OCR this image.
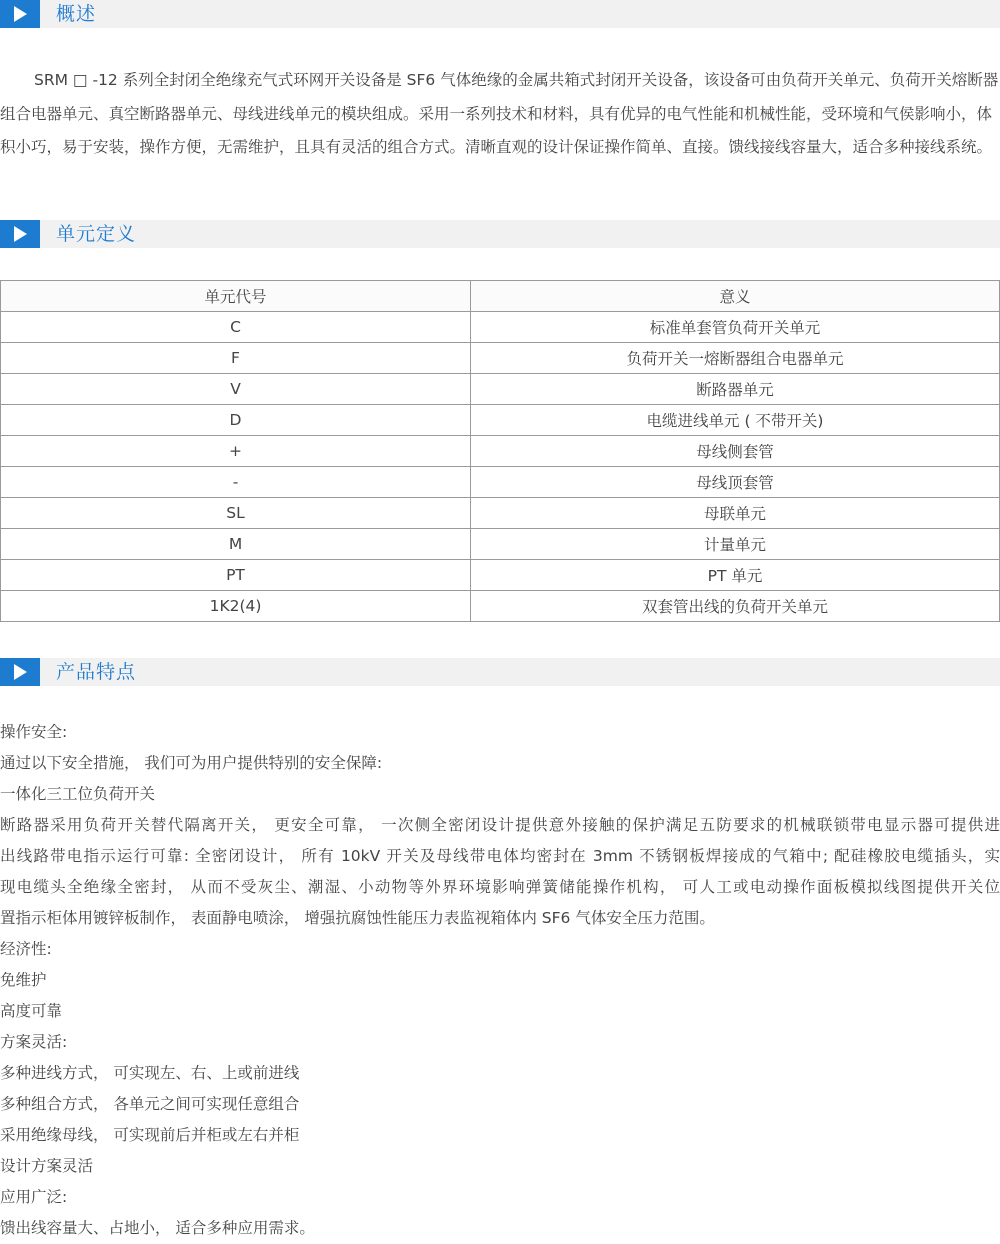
概述

SRM □ -12 系列全封闭全绝缘充气式环网开关设备是 SF6 气体绝缘的金属共箱式封闭开关设备，该设备可由负荷开关单元、负荷开关熔断器组合电器单元、真空断路器单元、母线进线单元的模块组成。采用一系列技术和材料，具有优异的电气性能和机械性能，受环境和气侯影响小，体积小巧，易于安装，操作方便，无需维护，且具有灵活的组合方式。清晰直观的设计保证操作简单、直接。馈线接线容量大，适合多种接线系统。

单元定义
单元代号	意义
C	标准单套管负荷开关单元
F	负荷开关一熔断器组合电器单元
V	断路器单元
D	电缆进线单元 ( 不带开关)
+	母线侧套管
-	母线顶套管
SL	母联单元
M	计量单元
PT	PT 单元
1K2(4)	双套管出线的负荷开关单元
产品特点
操作安全:
通过以下安全措施， 我们可为用户提供特别的安全保障:
一体化三工位负荷开关
断路器采用负荷开关替代隔离开关， 更安全可靠， 一次侧全密闭设计提供意外接触的保护满足五防要求的机械联锁带电显示器可提供进
出线路带电指示运行可靠: 全密闭设计， 所有 10kV 开关及母线带电体均密封在 3mm 不锈钢板焊接成的气箱中; 配硅橡胶电缆插头，实
现电缆头全绝缘全密封， 从而不受灰尘、潮湿、小动物等外界环境影响弹簧储能操作机构， 可人工或电动操作面板模拟线图提供开关位
置指示柜体用镀锌板制作， 表面静电喷涂， 增强抗腐蚀性能压力表监视箱体内 SF6 气体安全压力范围。
经济性:
免维护
高度可靠
方案灵活:
多种进线方式， 可实现左、右、上或前进线
多种组合方式， 各单元之间可实现任意组合
采用绝缘母线， 可实现前后并柜或左右并柜
设计方案灵活
应用广泛:
馈出线容量大、占地小， 适合多种应用需求。
